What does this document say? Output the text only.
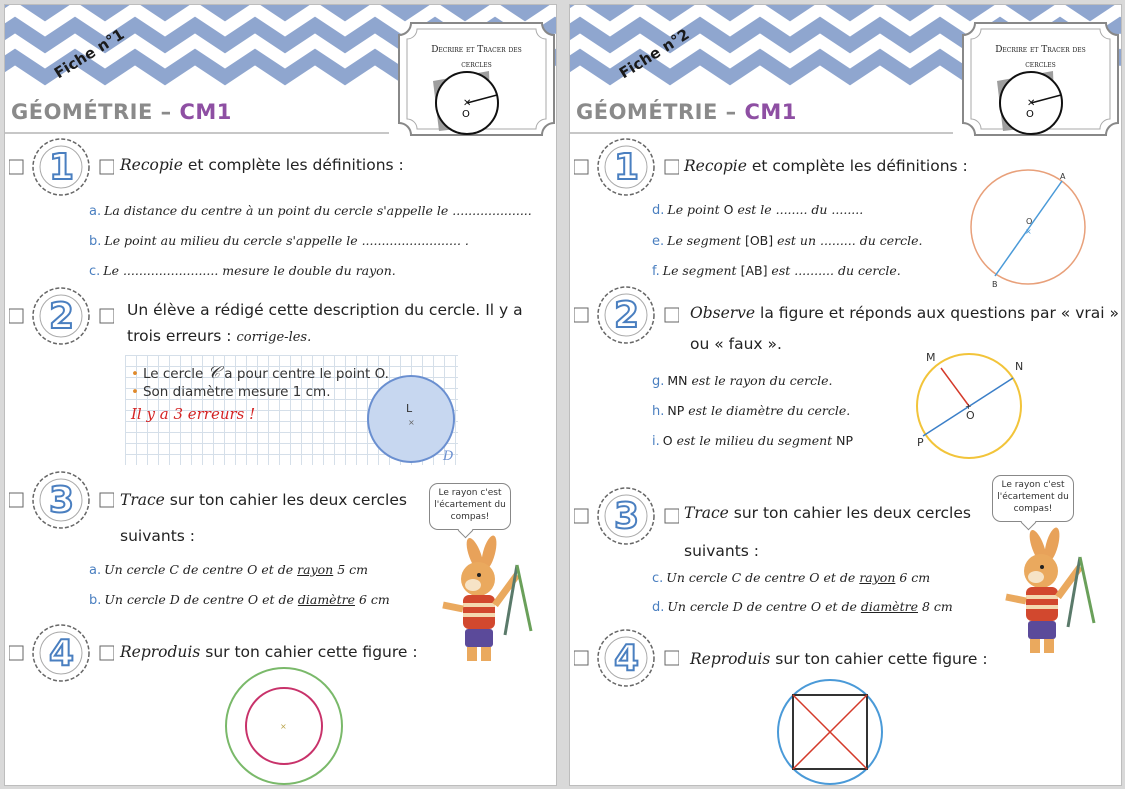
Fiche n°1
✕
Decrire et Tracer des cercles
O
GÉOMÉTRIE – CM1
1	Recopie et complète les définitions :
a. La distance du centre à un point du cercle s'appelle le ....................
b. Le point au milieu du cercle s'appelle le ......................... .
c. Le ........................ mesure le double du rayon.
2	Un élève a rédigé cette description du cercle. Il y a
trois erreurs : corrige-les.
• Le cercle 𝒞 a pour centre le point O.
• Son diamètre mesure 1 cm.
Il y a 3 erreurs !	×
L
D
3	Trace sur ton cahier les deux cercles
suivants :
a. Un cercle C de centre O et de rayon 5 cm
b. Un cercle D de centre O et de diamètre 6 cm
Le rayon c'est l'écartement du compas!
4	Reproduis sur ton cahier cette figure :
×
Fiche n°2
✕
Decrire et Tracer des cercles
O
GÉOMÉTRIE – CM1
1	Recopie et complète les définitions :
d. Le point O est le ........ du ........
e. Le segment [OB] est un ......... du cercle.
f. Le segment [AB] est .......... du cercle.
×
A
B
O
2	Observe la figure et réponds aux questions par « vrai »
ou « faux ».
g. MN est le rayon du cercle.
h. NP est le diamètre du cercle.
i. O est le milieu du segment NP
+
M
N
O
P
3	Trace sur ton cahier les deux cercles
suivants :
c. Un cercle C de centre O et de rayon 6 cm
d. Un cercle D de centre O et de diamètre 8 cm
Le rayon c'est l'écartement du compas!
4	Reproduis sur ton cahier cette figure :
